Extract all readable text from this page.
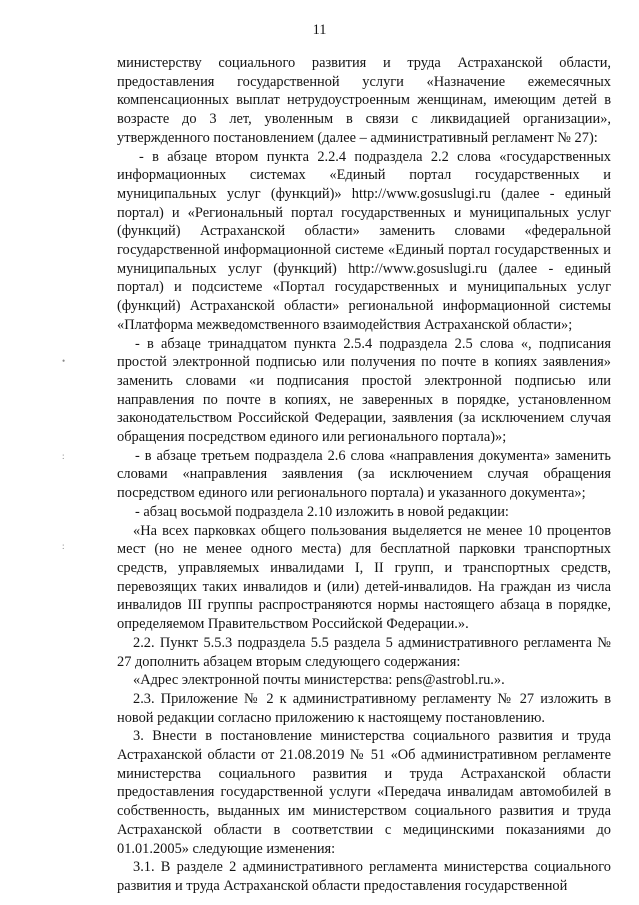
11
•
:
:

министерству социального развития и труда Астраханской области, предоставления государственной услуги «Назначение ежемесячных компенсационных выплат нетрудоустроенным женщинам, имеющим детей в возрасте до 3 лет, уволенным в связи с ликвидацией организации», утвержденного постановлением (далее – административный регламент № 27):

- в абзаце втором пункта 2.2.4 подраздела 2.2 слова «государственных информационных системах «Единый портал государственных и муниципальных услуг (функций)» http://www.gosuslugi.ru (далее - единый портал) и «Региональный портал государственных и муниципальных услуг (функций) Астраханской области» заменить словами «федеральной государственной информационной системе «Единый портал государственных и муниципальных услуг (функций) http://www.gosuslugi.ru (далее - единый портал) и подсистеме «Портал государственных и муниципальных услуг (функций) Астраханской области» региональной информационной системы «Платформа межведомственного взаимодействия Астраханской области»;

- в абзаце тринадцатом пункта 2.5.4 подраздела 2.5 слова «, подписания простой электронной подписью или получения по почте в копиях заявления» заменить словами «и подписания простой электронной подписью или направления по почте в копиях, не заверенных в порядке, установленном законодательством Российской Федерации, заявления (за исключением случая обращения посредством единого или регионального портала)»;

- в абзаце третьем подраздела 2.6 слова «направления документа» заменить словами «направления заявления (за исключением случая обращения посредством единого или регионального портала) и указанного документа»;

- абзац восьмой подраздела 2.10 изложить в новой редакции:

«На всех парковках общего пользования выделяется не менее 10 процентов мест (но не менее одного места) для бесплатной парковки транспортных средств, управляемых инвалидами I, II групп, и транспортных средств, перевозящих таких инвалидов и (или) детей-инвалидов. На граждан из числа инвалидов III группы распространяются нормы настоящего абзаца в порядке, определяемом Правительством Российской Федерации.».

2.2. Пункт 5.5.3 подраздела 5.5 раздела 5 административного регламента № 27 дополнить абзацем вторым следующего содержания:

«Адрес электронной почты министерства: pens@astrobl.ru.».

2.3. Приложение № 2 к административному регламенту № 27 изложить в новой редакции согласно приложению к настоящему постановлению.

3. Внести в постановление министерства социального развития и труда Астраханской области от 21.08.2019 № 51 «Об административном регламенте министерства социального развития и труда Астраханской области предоставления государственной услуги «Передача инвалидам автомобилей в собственность, выданных им министерством социального развития и труда Астраханской области в соответствии с медицинскими показаниями до 01.01.2005» следующие изменения:

3.1. В разделе 2 административного регламента министерства социального развития и труда Астраханской области предоставления государственной
